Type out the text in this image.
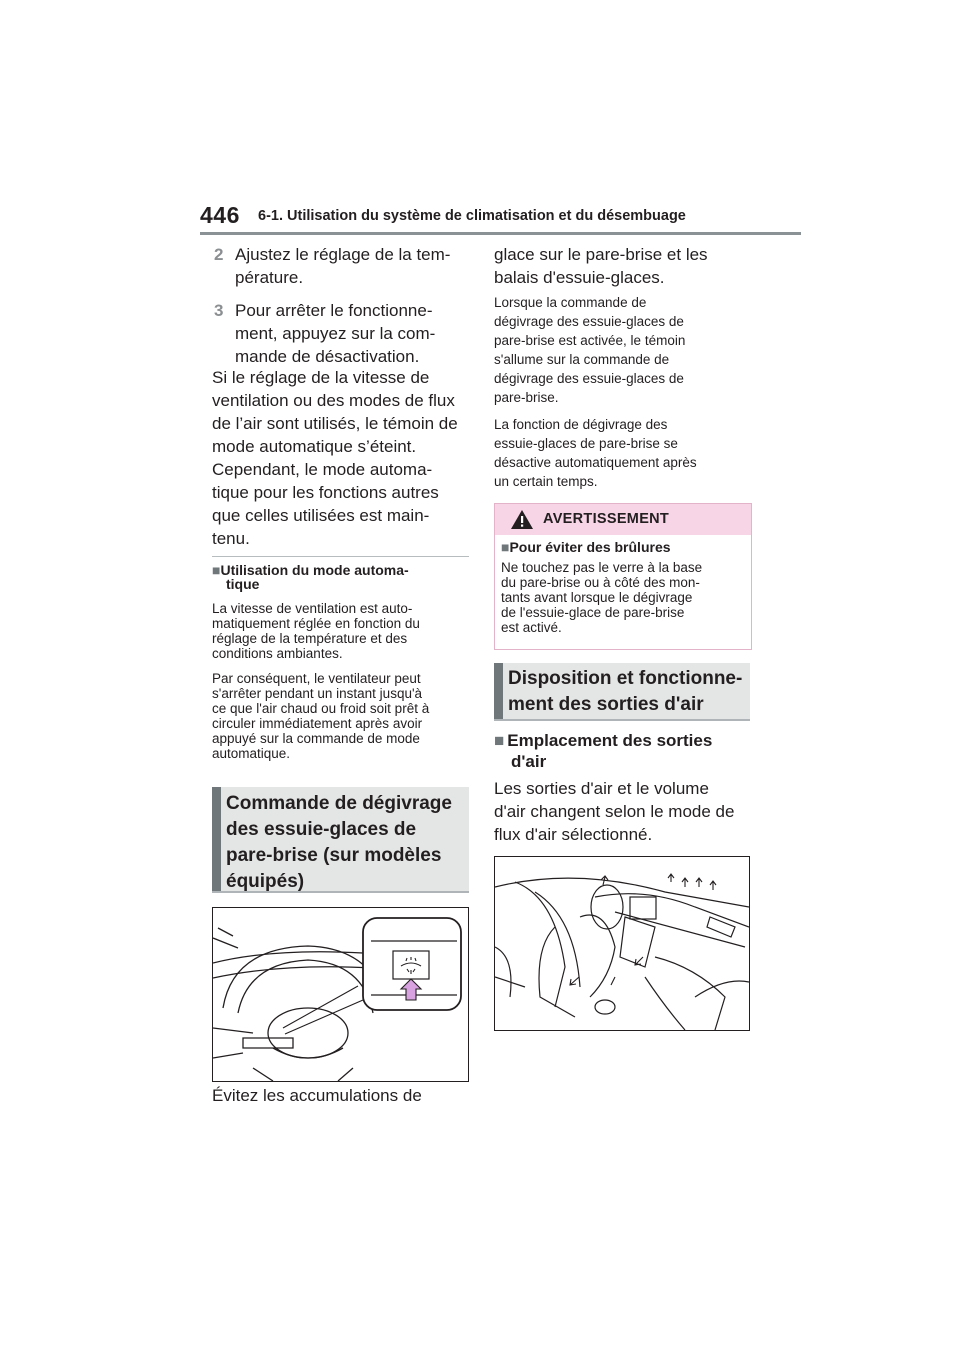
446 6-1. Utilisation du système de climatisation et du désembuage
2 Ajustez le réglage de la tem-
pérature.
3 Pour arrêter le fonctionne-
ment, appuyez sur la com-
mande de désactivation.
Si le réglage de la vitesse de
ventilation ou des modes de flux
de l’air sont utilisés, le témoin de
mode automatique s’éteint.
Cependant, le mode automa-
tique pour les fonctions autres
que celles utilisées est main-
tenu.
■Utilisation du mode automa-
tique
La vitesse de ventilation est auto-
matiquement réglée en fonction du
réglage de la température et des
conditions ambiantes.
Par conséquent, le ventilateur peut
s'arrêter pendant un instant jusqu'à
ce que l'air chaud ou froid soit prêt à
circuler immédiatement après avoir
appuyé sur la commande de mode
automatique.
Commande de dégivrage
des essuie-glaces de
pare-brise (sur modèles
équipés)
Évitez les accumulations de
glace sur le pare-brise et les
balais d'essuie-glaces.
Lorsque la commande de
dégivrage des essuie-glaces de
pare-brise est activée, le témoin
s'allume sur la commande de
dégivrage des essuie-glaces de
pare-brise.
La fonction de dégivrage des
essuie-glaces de pare-brise se
désactive automatiquement après
un certain temps.
AVERTISSEMENT
■Pour éviter des brûlures
Ne touchez pas le verre à la base
du pare-brise ou à côté des mon-
tants avant lorsque le dégivrage
de l'essuie-glace de pare-brise
est activé.
Disposition et fonctionne-
ment des sorties d'air
■ Emplacement des sorties
d'air
Les sorties d'air et le volume
d'air changent selon le mode de
flux d'air sélectionné.
